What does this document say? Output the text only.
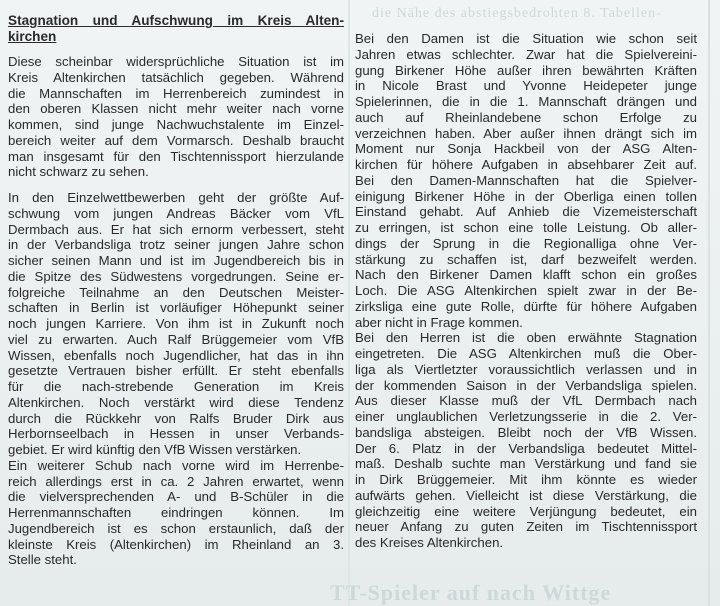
die Nähe des abstiegsbedrohten 8. Tabellen-
TT-Spieler auf nach Wittge
Stagnation und Aufschwung im Kreis Alten-
kirchen

Diese scheinbar widersprüchliche Situation ist im
Kreis Altenkirchen tatsächlich gegeben. Während
die Mannschaften im Herrenbereich zumindest in
den oberen Klassen nicht mehr weiter nach vorne
kommen, sind junge Nachwuchstalente im Einzel-
bereich weiter auf dem Vormarsch. Deshalb braucht
man insgesamt für den Tischtennissport hierzulande
nicht schwarz zu sehen.

In den Einzelwettbewerben geht der größte Auf-
schwung vom jungen Andreas Bäcker vom VfL
Dermbach aus. Er hat sich ernorm verbessert, steht
in der Verbandsliga trotz seiner jungen Jahre schon
sicher seinen Mann und ist im Jugendbereich bis in
die Spitze des Südwestens vorgedrungen. Seine er-
folgreiche Teilnahme an den Deutschen Meister-
schaften in Berlin ist vorläufiger Höhepunkt seiner
noch jungen Karriere. Von ihm ist in Zukunft noch
viel zu erwarten. Auch Ralf Brüggemeier vom VfB
Wissen, ebenfalls noch Jugendlicher, hat das in ihn
gesetzte Vertrauen bisher erfüllt. Er steht ebenfalls
für die nach-strebende Generation im Kreis
Altenkirchen. Noch verstärkt wird diese Tendenz
durch die Rückkehr von Ralfs Bruder Dirk aus
Herbornseelbach in Hessen in unser Verbands-
gebiet. Er wird künftig den VfB Wissen verstärken.

Ein weiterer Schub nach vorne wird im Herrenbe-
reich allerdings erst in ca. 2 Jahren erwartet, wenn
die vielversprechenden A- und B-Schüler in die
Herrenmannschaften eindringen können. Im
Jugendbereich ist es schon erstaunlich, daß der
kleinste Kreis (Altenkirchen) im Rheinland an 3.
Stelle steht.

Bei den Damen ist die Situation wie schon seit
Jahren etwas schlechter. Zwar hat die Spielvereini-
gung Birkener Höhe außer ihren bewährten Kräften
in Nicole Brast und Yvonne Heidepeter junge
Spielerinnen, die in die 1. Mannschaft drängen und
auch auf Rheinlandebene schon Erfolge zu
verzeichnen haben. Aber außer ihnen drängt sich im
Moment nur Sonja Hackbeil von der ASG Alten-
kirchen für höhere Aufgaben in absehbarer Zeit auf.
Bei den Damen-Mannschaften hat die Spielver-
einigung Birkener Höhe in der Oberliga einen tollen
Einstand gehabt. Auf Anhieb die Vizemeisterschaft
zu erringen, ist schon eine tolle Leistung. Ob aller-
dings der Sprung in die Regionalliga ohne Ver-
stärkung zu schaffen ist, darf bezweifelt werden.
Nach den Birkener Damen klafft schon ein großes
Loch. Die ASG Altenkirchen spielt zwar in der Be-
zirksliga eine gute Rolle, dürfte für höhere Aufgaben
aber nicht in Frage kommen.

Bei den Herren ist die oben erwähnte Stagnation
eingetreten. Die ASG Altenkirchen muß die Ober-
liga als Viertletzter voraussichtlich verlassen und in
der kommenden Saison in der Verbandsliga spielen.
Aus dieser Klasse muß der VfL Dermbach nach
einer unglaublichen Verletzungsserie in die 2. Ver-
bandsliga absteigen. Bleibt noch der VfB Wissen.
Der 6. Platz in der Verbandsliga bedeutet Mittel-
maß. Deshalb suchte man Verstärkung und fand sie
in Dirk Brüggemeier. Mit ihm könnte es wieder
aufwärts gehen. Vielleicht ist diese Verstärkung, die
gleichzeitig eine weitere Verjüngung bedeutet, ein
neuer Anfang zu guten Zeiten im Tischtennissport
des Kreises Altenkirchen.
